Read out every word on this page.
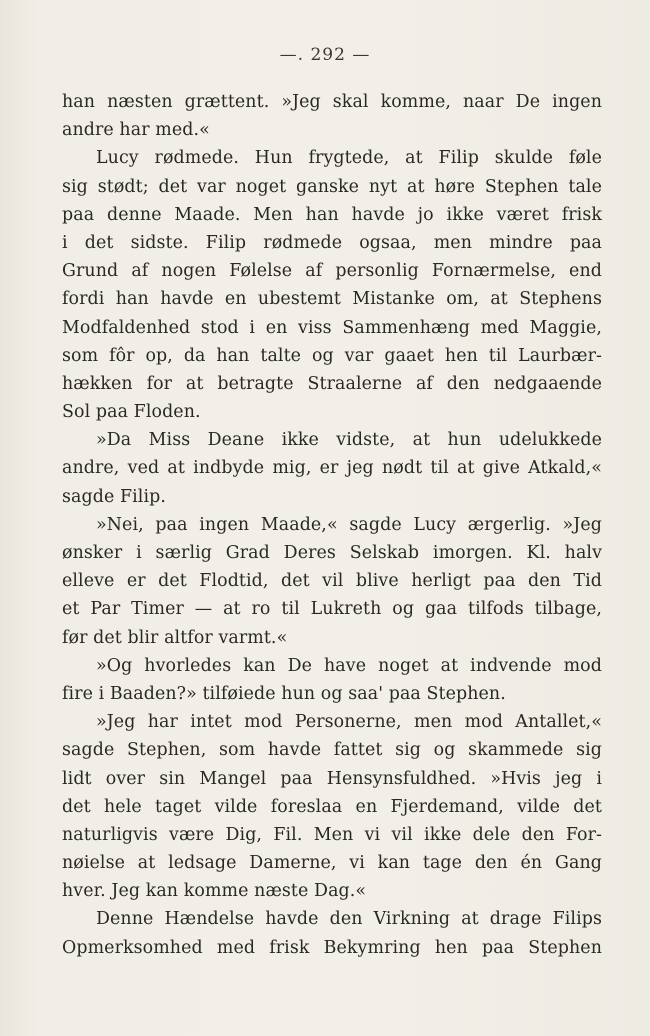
—. 292 —
han næsten grættent. »Jeg skal komme, naar De ingen
andre har med.«
Lucy rødmede. Hun frygtede, at Filip skulde føle
sig stødt; det var noget ganske nyt at høre Stephen tale
paa denne Maade. Men han havde jo ikke været frisk
i det sidste. Filip rødmede ogsaa, men mindre paa
Grund af nogen Følelse af personlig Fornærmelse, end
fordi han havde en ubestemt Mistanke om, at Stephens
Modfaldenhed stod i en viss Sammenhæng med Maggie,
som fôr op, da han talte og var gaaet hen til Laurbær-
hækken for at betragte Straalerne af den nedgaaende
Sol paa Floden.
»Da Miss Deane ikke vidste, at hun udelukkede
andre, ved at indbyde mig, er jeg nødt til at give Atkald,«
sagde Filip.
»Nei, paa ingen Maade,« sagde Lucy ærgerlig. »Jeg
ønsker i særlig Grad Deres Selskab imorgen. Kl. halv
elleve er det Flodtid, det vil blive herligt paa den Tid
et Par Timer — at ro til Lukreth og gaa tilfods tilbage,
før det blir altfor varmt.«
»Og hvorledes kan De have noget at indvende mod
fire i Baaden?» tilføiede hun og saa' paa Stephen.
»Jeg har intet mod Personerne, men mod Antallet,«
sagde Stephen, som havde fattet sig og skammede sig
lidt over sin Mangel paa Hensynsfuldhed. »Hvis jeg i
det hele taget vilde foreslaa en Fjerdemand, vilde det
naturligvis være Dig, Fil. Men vi vil ikke dele den For-
nøielse at ledsage Damerne, vi kan tage den én Gang
hver. Jeg kan komme næste Dag.«
Denne Hændelse havde den Virkning at drage Filips
Opmerksomhed med frisk Bekymring hen paa Stephen
